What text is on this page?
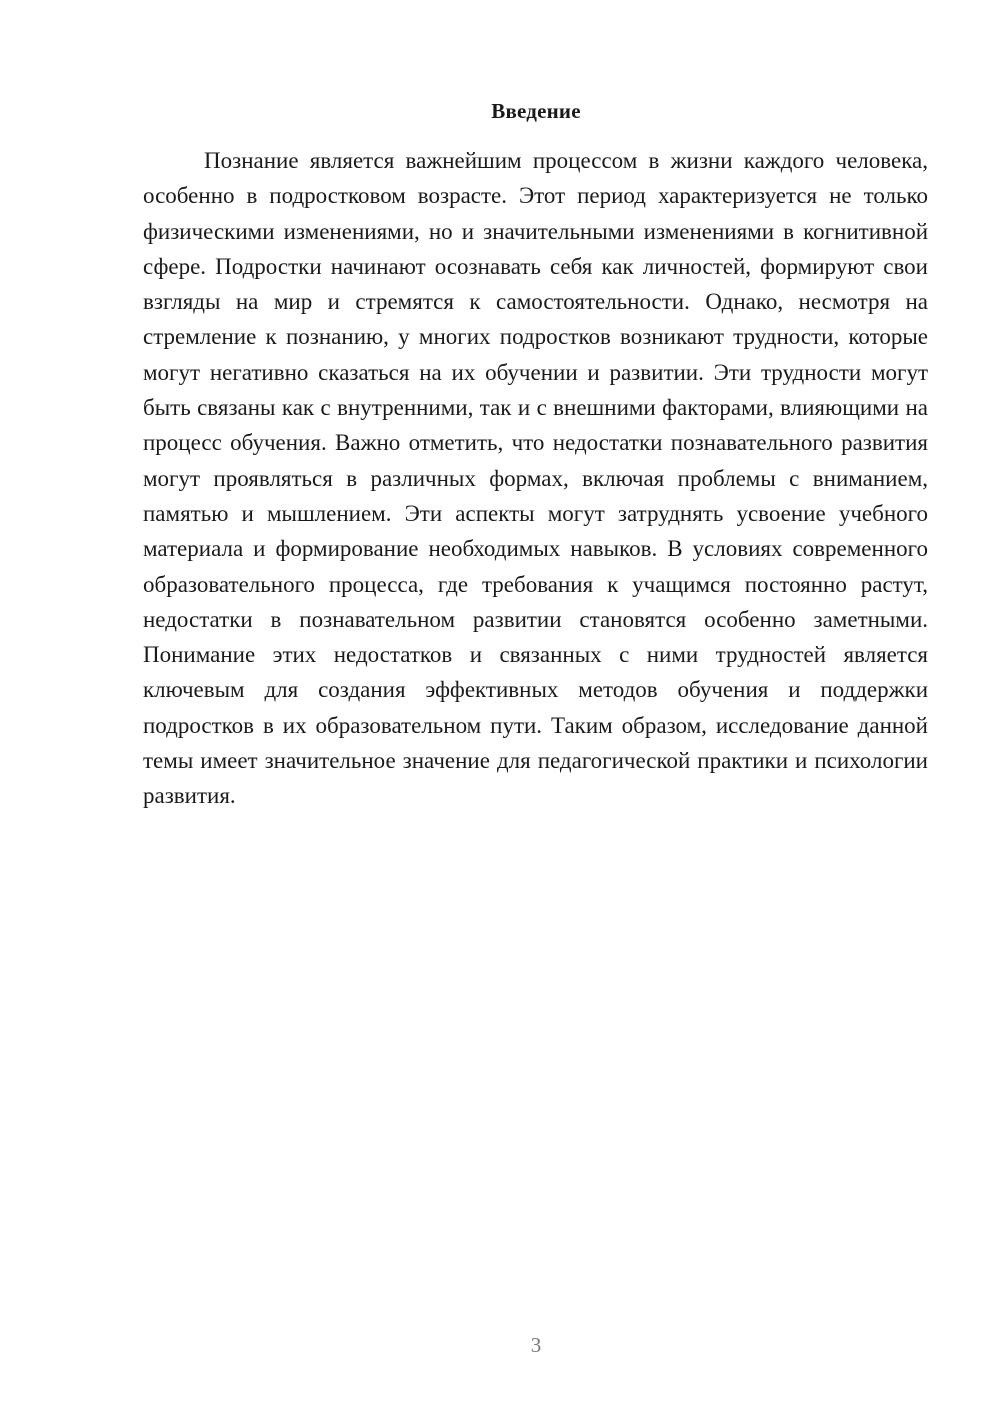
Введение

Познание является важнейшим процессом в жизни каждого человека, особенно в подростковом возрасте. Этот период характеризуется не только физическими изменениями, но и значительными изменениями в когнитивной сфере. Подростки начинают осознавать себя как личностей, формируют свои взгляды на мир и стремятся к самостоятельности. Однако, несмотря на стремление к познанию, у многих подростков возникают трудности, которые могут негативно сказаться на их обучении и развитии. Эти трудности могут быть связаны как с внутренними, так и с внешними факторами, влияющими на процесс обучения. Важно отметить, что недостатки познавательного развития могут проявляться в различных формах, включая проблемы с вниманием, памятью и мышлением. Эти аспекты могут затруднять усвоение учебного материала и формирование необходимых навыков. В условиях современного образовательного процесса, где требования к учащимся постоянно растут, недостатки в познавательном развитии становятся особенно заметными. Понимание этих недостатков и связанных с ними трудностей является ключевым для создания эффективных методов обучения и поддержки подростков в их образовательном пути. Таким образом, исследование данной темы имеет значительное значение для педагогической практики и психологии развития.

3
